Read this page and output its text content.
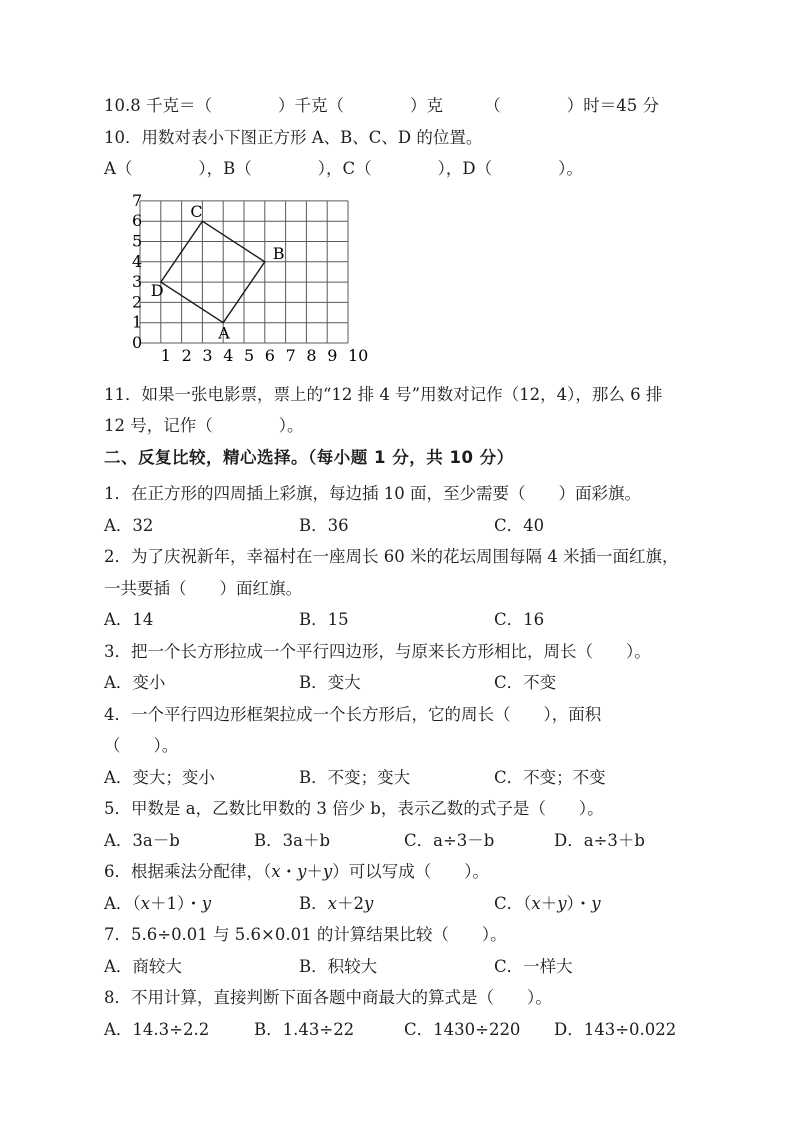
10.8 千克＝（　　　　）千克（　　　　）克　　　（　　　　）时＝45 分
10．用数对表小下图正方形 A、B、C、D 的位置。
A（　　　　），B（　　　　），C（　　　　），D（　　　　）。
0
1
2
3
4
5
6
7
1 2 3 4 5 6 7 8 9 10
A
B
C
D
11．如果一张电影票，票上的“12 排 4 号”用数对记作（12，4），那么 6 排
12 号，记作（　　　　）。
二、反复比较，精心选择。（每小题 1 分，共 10 分）
1．在正方形的四周插上彩旗，每边插 10 面，至少需要（　　）面彩旗。
A．32	B．36	C．40
2．为了庆祝新年，幸福村在一座周长 60 米的花坛周围每隔 4 米插一面红旗，
一共要插（　　）面红旗。
A．14	B．15	C．16
3．把一个长方形拉成一个平行四边形，与原来长方形相比，周长（　　）。
A．变小	B．变大	C．不变
4．一个平行四边形框架拉成一个长方形后，它的周长（　　），面积
（　　）。
A．变大；变小	B．不变；变大	C．不变；不变
5．甲数是 a，乙数比甲数的 3 倍少 b，表示乙数的式子是（　　）。
A．3a－b	B．3a＋b	C．a÷3－b	D．a÷3＋b
6．根据乘法分配律，（x・y＋y）可以写成（　　）。
A．（x＋1）・y	B．x＋2y	C．（x＋y）・y
7．5.6÷0.01 与 5.6×0.01 的计算结果比较（　　）。
A．商较大	B．积较大	C．一样大
8．不用计算，直接判断下面各题中商最大的算式是（　　）。
A．14.3÷2.2	B．1.43÷22	C．1430÷220	D．143÷0.022
